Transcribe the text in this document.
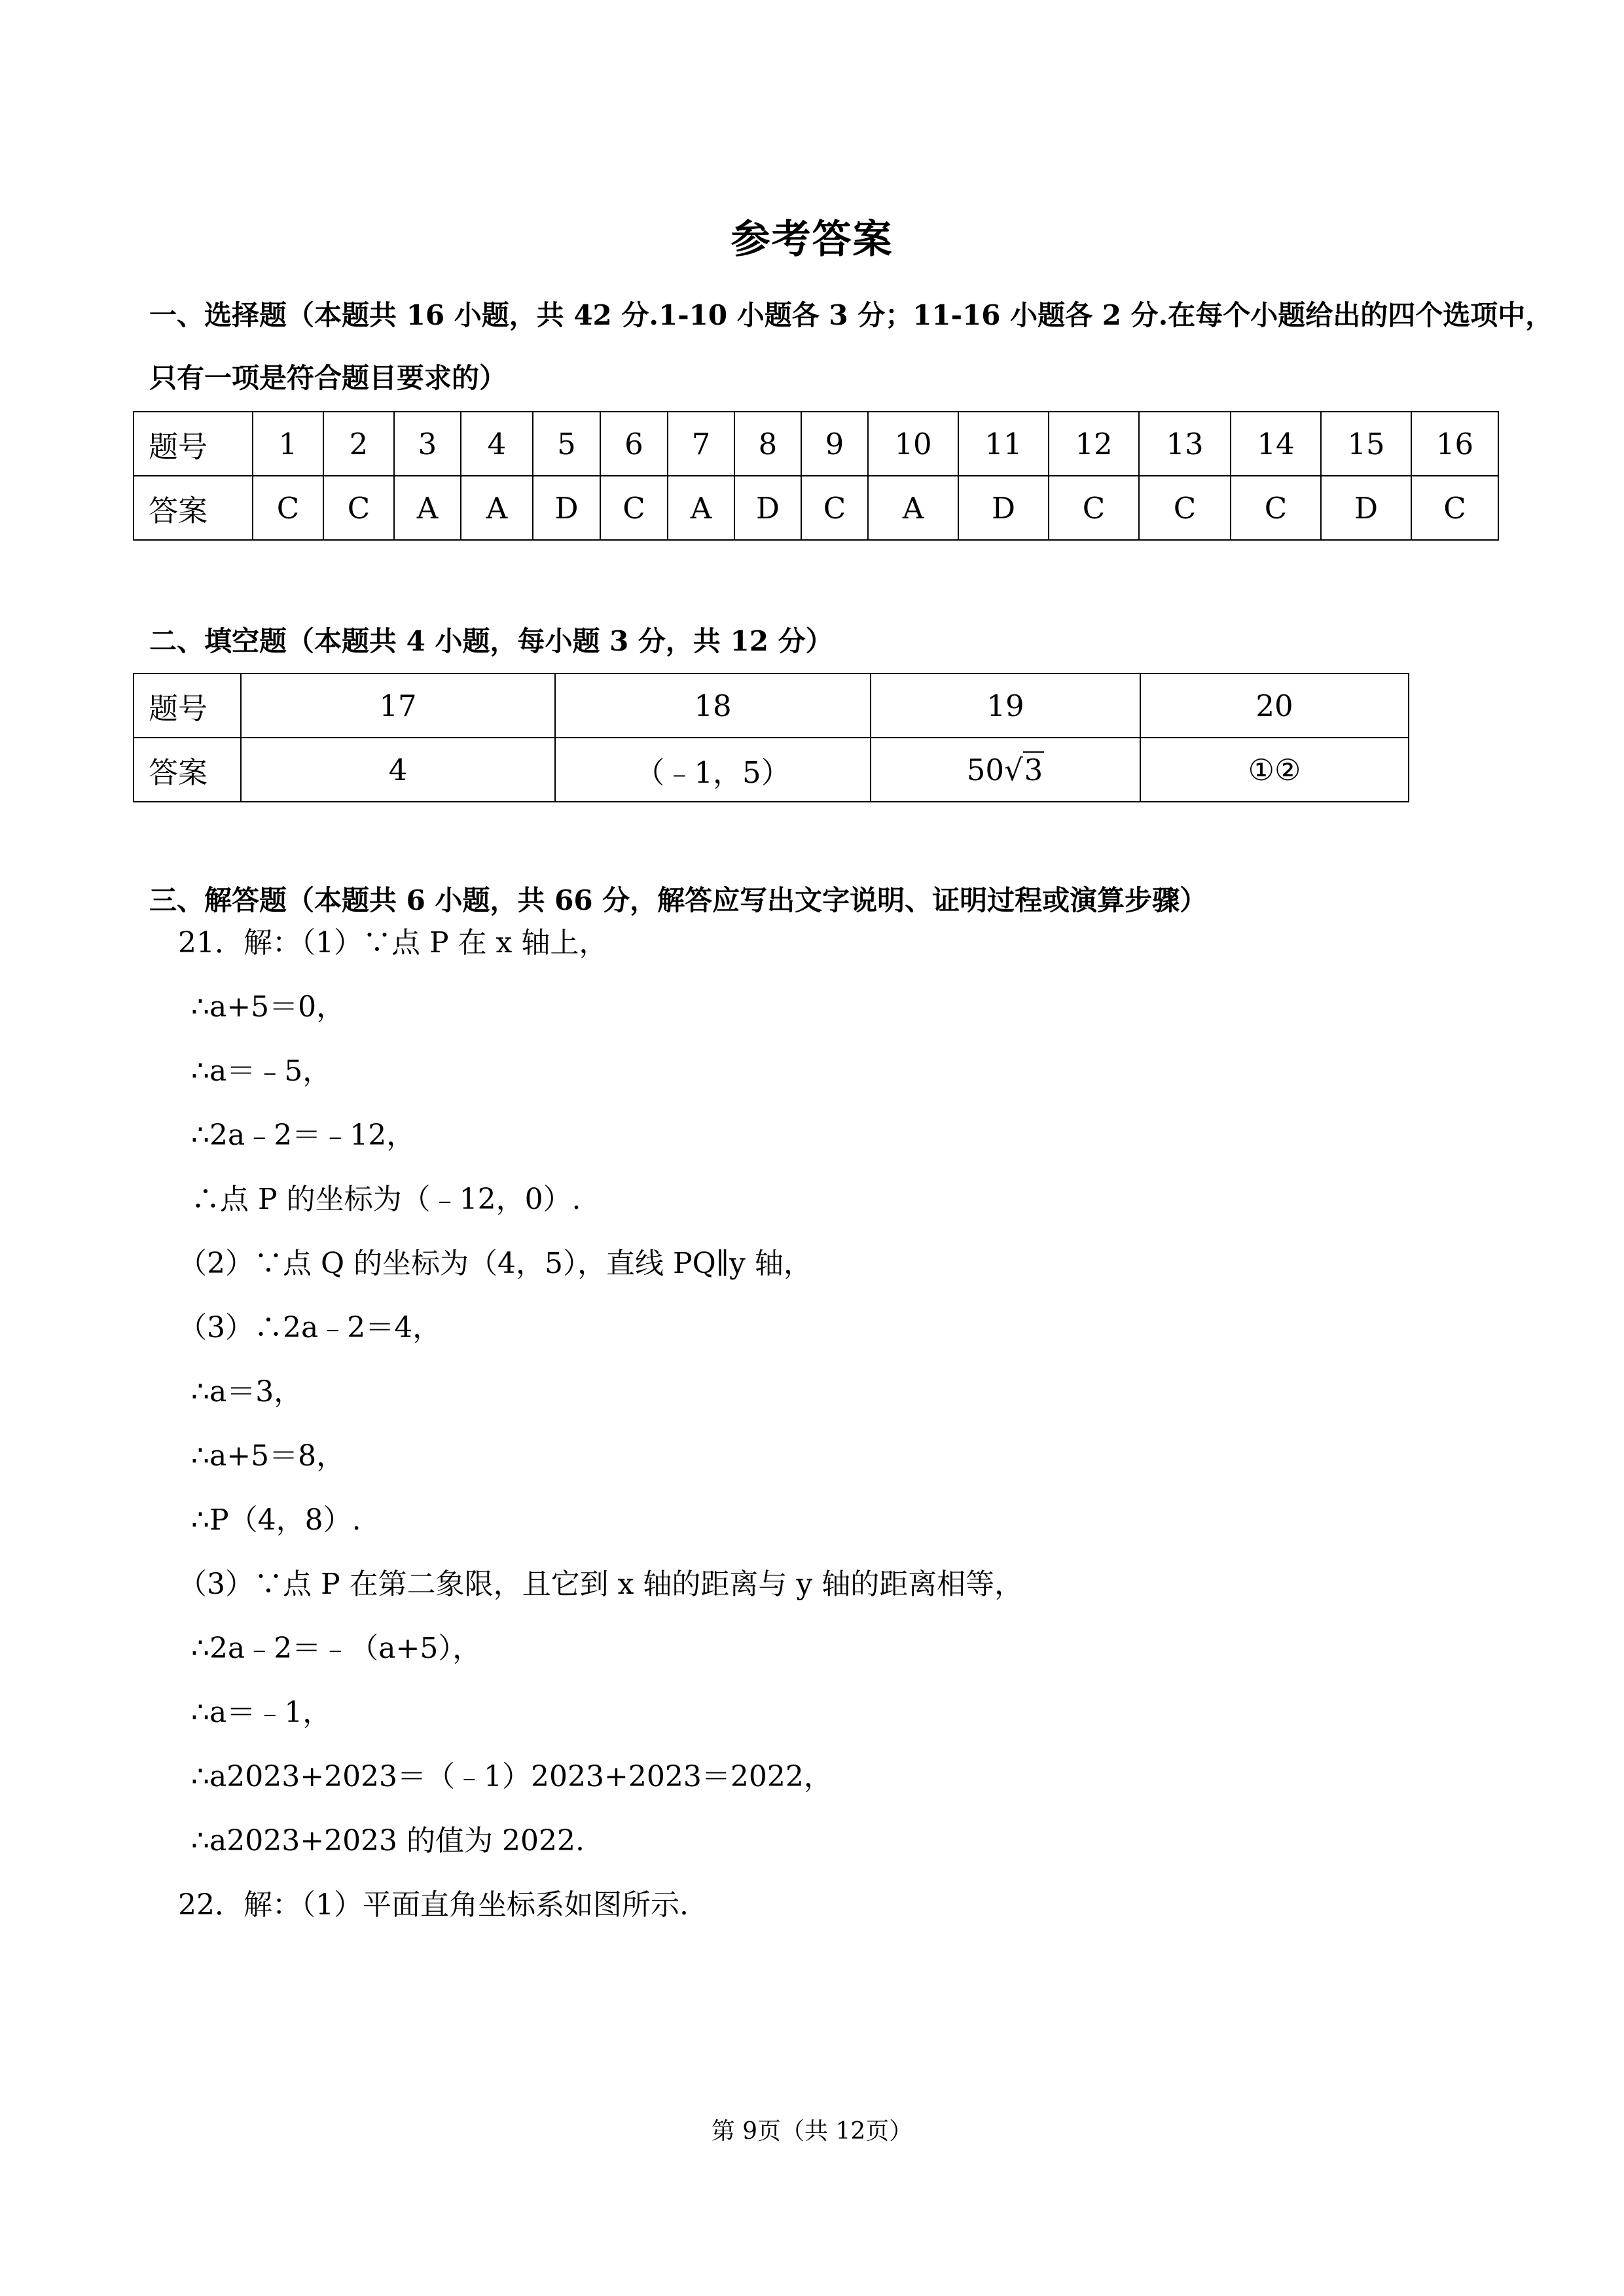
参考答案
一、选择题（本题共 16 小题，共 42 分.1-10 小题各 3 分；11-16 小题各 2 分.在每个小题给出的四个选项中，
只有一项是符合题目要求的）
题号	1	2	3	4	5	6	7	8	9	10	11	12	13	14	15	16
答案	C	C	A	A	D	C	A	D	C	A	D	C	C	C	D	C
二、填空题（本题共 4 小题，每小题 3 分，共 12 分）
题号	17	18	19	20
答案	4	（﹣1，5）	50√3	①②
三、解答题（本题共 6 小题，共 66 分，解答应写出文字说明、证明过程或演算步骤）
21．解：（1）∵点 P 在 x 轴上，
∴a+5＝0，
∴a＝﹣5，
∴2a﹣2＝﹣12，
∴点 P 的坐标为（﹣12，0）.
（2）∵点 Q 的坐标为（4，5），直线 PQ∥y 轴，
（3）∴2a﹣2＝4，
∴a＝3，
∴a+5＝8，
∴P（4，8）.
（3）∵点 P 在第二象限，且它到 x 轴的距离与 y 轴的距离相等，
∴2a﹣2＝﹣（a+5），
∴a＝﹣1，
∴a2023+2023＝（﹣1）2023+2023＝2022，
∴a2023+2023 的值为 2022.
22．解：（1）平面直角坐标系如图所示.
第 9页（共 12页）
